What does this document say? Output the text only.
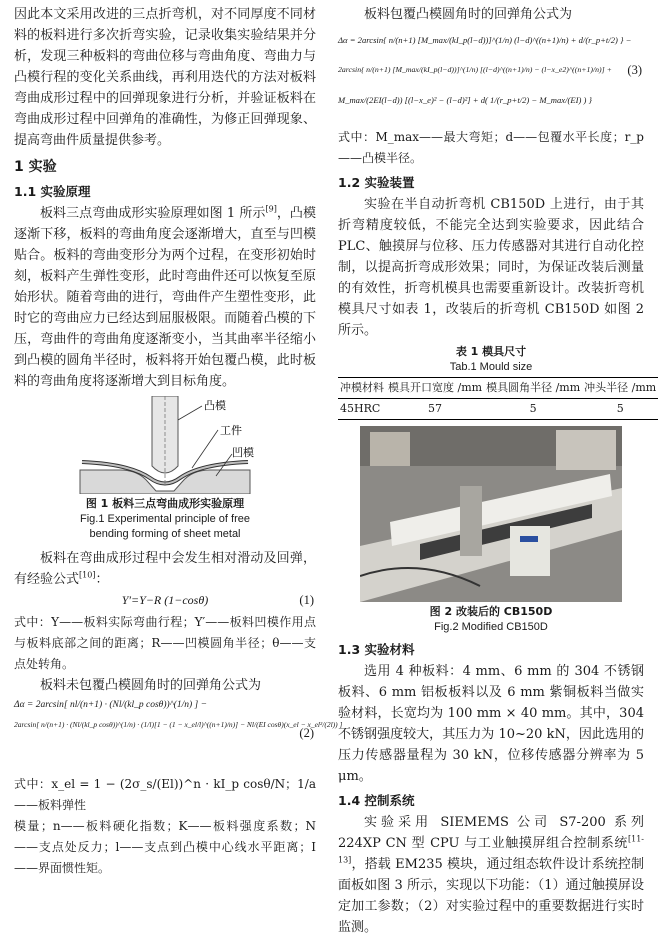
因此本文采用改进的三点折弯机，对不同厚度不同材料的板料进行多次折弯实验，记录收集实验结果并分析，发现三种板料的弯曲位移与弯曲角度、弯曲力与凸模行程的变化关系曲线，再利用迭代的方法对板料弯曲成形过程中的回弹现象进行分析，并验证板料在弯曲成形过程中回弹角的准确性，为修正回弹现象、提高弯曲件质量提供参考。

1 实验
1.1 实验原理

板料三点弯曲成形实验原理如图 1 所示[9]，凸模逐渐下移，板料的弯曲角度会逐渐增大，直至与凹模贴合。板料的弯曲变形分为两个过程，在变形初始时刻，板料产生弹性变形，此时弯曲件还可以恢复至原始形状。随着弯曲的进行，弯曲件产生塑性变形，此时它的弯曲应力已经达到屈服极限。而随着凸模的下压，弯曲件的弯曲角度逐渐变小，当其曲率半径缩小到凸模的圆角半径时，板料将开始包覆凸模，此时板料的弯曲角度将逐渐增大到目标角度。

凸模
工件
凹模
图 1 板料三点弯曲成形实验原理
Fig.1 Experimental principle of free
bending forming of sheet metal

板料在弯曲成形过程中会发生相对滑动及回弹，有经验公式[10]：

Y′=Y−R (1−cosθ)	(1)

式中：Y——板料实际弯曲行程；Y′——板料凹模作用点与板料底部之间的距离；R——凹模圆角半径；θ——支点处转角。

板料未包覆凸模圆角时的回弹角公式为

Δα = 2arcsin[ nl/(n+1) · (Nl/(kl_p cosθ))^(1/n) ] −
2arcsin[ n/(n+1) · (Nl/(kl_p cosθ))^(1/n) · (1/l)[1 − (1 − x_el/l)^((n+1)/n)] − Nl/(EI cosθ)(x_el − x_el²/(2l)) ]
(2)

式中：x_el = 1 − (2σ_s/(El))^n · kI_p cosθ/N；1/a——板料弹性

模量；n——板料硬化指数；K——板料强度系数；N——支点处反力；l——支点到凸模中心线水平距离；I——界面惯性矩。

板料包覆凸模圆角时的回弹角公式为

Δα = 2arcsin{ n/(n+1) [M_max/(kI_p(l−d))]^(1/n) (l−d)^((n+1)/n) + d/(r_p+t/2) } −
2arcsin{ n/(n+1) [M_max/(kI_p(l−d))]^(1/n) [(l−d)^((n+1)/n) − (l−x_e2)^((n+1)/n)] +
M_max/(2EI(l−d)) [(l−x_e)² − (l−d)²] + d( 1/(r_p+t/2) − M_max/(EI) ) }
(3)

式中：M_max——最大弯矩；d——包覆水平长度；r_p——凸模半径。

1.2 实验装置

实验在半自动折弯机 CB150D 上进行，由于其折弯精度较低，不能完全达到实验要求，因此结合 PLC、触摸屏与位移、压力传感器对其进行自动化控制，以提高折弯成形效果；同时，为保证改装后测量的有效性，折弯机模具也需要重新设计。改装折弯机模具尺寸如表 1，改装后的折弯机 CB150D 如图 2 所示。

表 1 模具尺寸
Tab.1 Mould size
冲模材料	模具开口宽度 /mm	模具圆角半径 /mm	冲头半径 /mm
45HRC	57	5	5
图 2 改装后的 CB150D
Fig.2 Modified CB150D
1.3 实验材料

选用 4 种板料：4 mm、6 mm 的 304 不锈钢板料、6 mm 铝板板料以及 6 mm 紫铜板料当做实验材料，长宽均为 100 mm × 40 mm。其中，304 不锈钢强度较大，其压力为 10~20 kN，因此选用的压力传感器量程为 30 kN，位移传感器分辨率为 5 μm。

1.4 控制系统

实验采用 SIEMEMS 公司 S7-200 系列 224XP CN 型 CPU 与工业触摸屏组合控制系统[11-13]，搭载 EM235 模块，通过组态软件设计系统控制面板如图 3 所示，实现以下功能：（1）通过触摸屏设定加工参数；（2）对实验过程中的重要数据进行实时监测。
